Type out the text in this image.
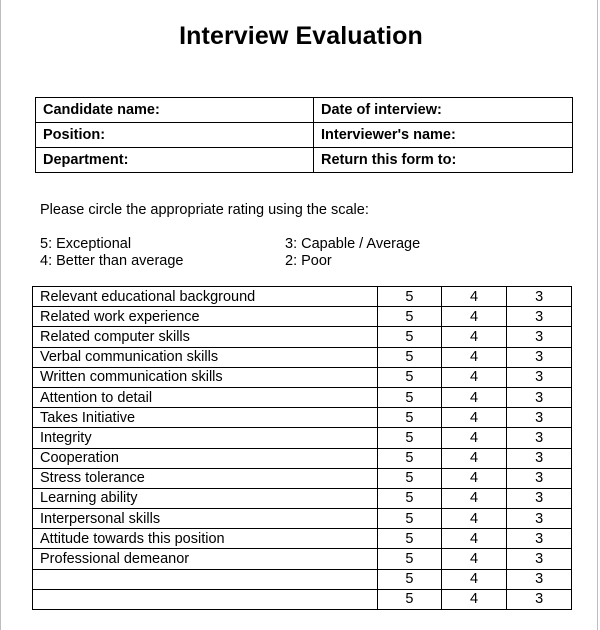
Interview Evaluation
Candidate name:	Date of interview:
Position:	Interviewer's name:
Department:	Return this form to:
Please circle the appropriate rating using the scale:
5: Exceptional
4: Better than average
3: Capable / Average
2: Poor
Relevant educational background	5	4	3
Related work experience	5	4	3
Related computer skills	5	4	3
Verbal communication skills	5	4	3
Written communication skills	5	4	3
Attention to detail	5	4	3
Takes Initiative	5	4	3
Integrity	5	4	3
Cooperation	5	4	3
Stress tolerance	5	4	3
Learning ability	5	4	3
Interpersonal skills	5	4	3
Attitude towards this position	5	4	3
Professional demeanor	5	4	3
	5	4	3
	5	4	3
